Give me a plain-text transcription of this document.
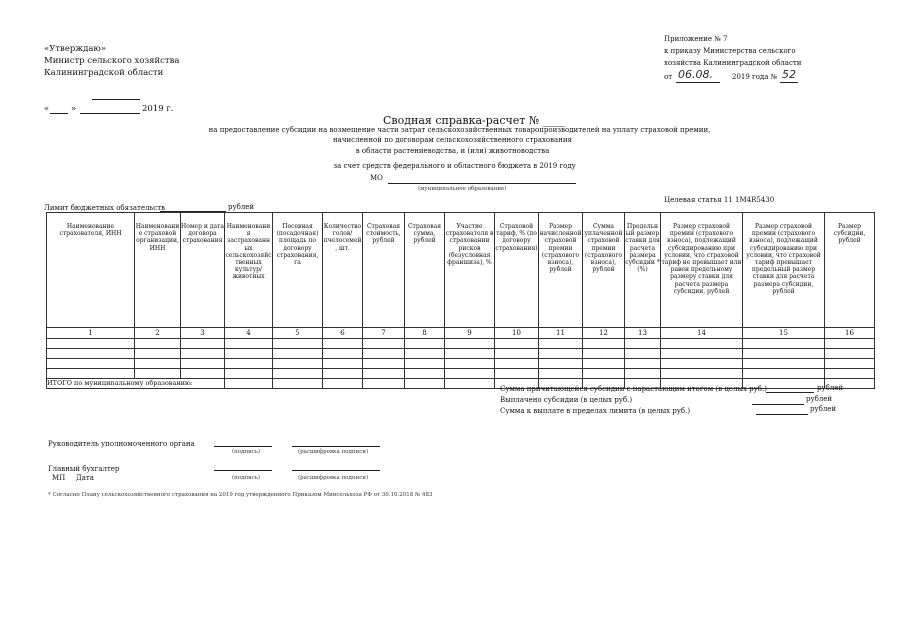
«Утверждаю»
Министр сельского хозяйства
Калининградской области
«	»	2019 г.
Приложение № 7
к приказу Министерства сельского
хозяйства Калининградской области
от 06.08.	2019 года № 52
Сводная справка-расчет № ____
на предоставление субсидии на возмещение части затрат сельскохозяйственных товаропроизводителей на уплату страховой премии,
начисленной по договорам сельскохозяйственного страхования
в области растениеводства, и (или) животноводства
за счет средств федерального и областного бюджета в 2019 году
МО
(муниципальное образование)
Лимит бюджетных обязательств	рублей
Целевая статья 11 1М4R5430
Наименование страхователя, ИНН	Наименование страховой организации, ИНН	Номер и дата договора страхования	Наименования застрахованных сельскохозяйственных культур/ животных	Посевная (посадочная) площадь по договору страхования, га	Количество голов/ пчелосемей, шт.	Страховая стоимость, рублей	Страховая сумма, рублей	Участие страхователя в страховании рисков (безусловная франшиза), %	Страховой тариф, % (по договору страхования)	Размер начисленной страховой премии (страхового взноса), рублей	Сумма уплаченной страховой премии (страхового взноса), рублей	Предельный размер ставки для расчета размера субсидии * (%)	Размер страховой премии (страхового взноса), подлежащий субсидированию при условии, что страховой тариф не превышает или равен предельному размеру ставки для расчета размера субсидии, рублей	Размер страховой премии (страхового взноса), подлежащий субсидированию при условии, что страховой тариф превышает предельный размер ставки для расчета размера субсидии, рублей	Размер субсидии, рублей
1	2	3	4	5	6	7	8	9	10	11	12	13	14	15	16

ИТОГО по муниципальному образованию:															
Сумма причитающейся субсидии с нарастающим итогом (в целых руб.)	рублей
Выплачено субсидии (в целых руб.)	рублей
Сумма к выплате в пределах лимита (в целых руб.)	рублей
Руководитель уполномоченного органа
(подпись)	(расшифровка подписи)
Главный бухгалтер
МП Дата	(подпись)	(расшифровка подписи)
* Согласно Плану сельскохозяйственного страхования на 2019 год утвержденного Приказом Минсельхоза РФ от 30.10.2018 № 483
